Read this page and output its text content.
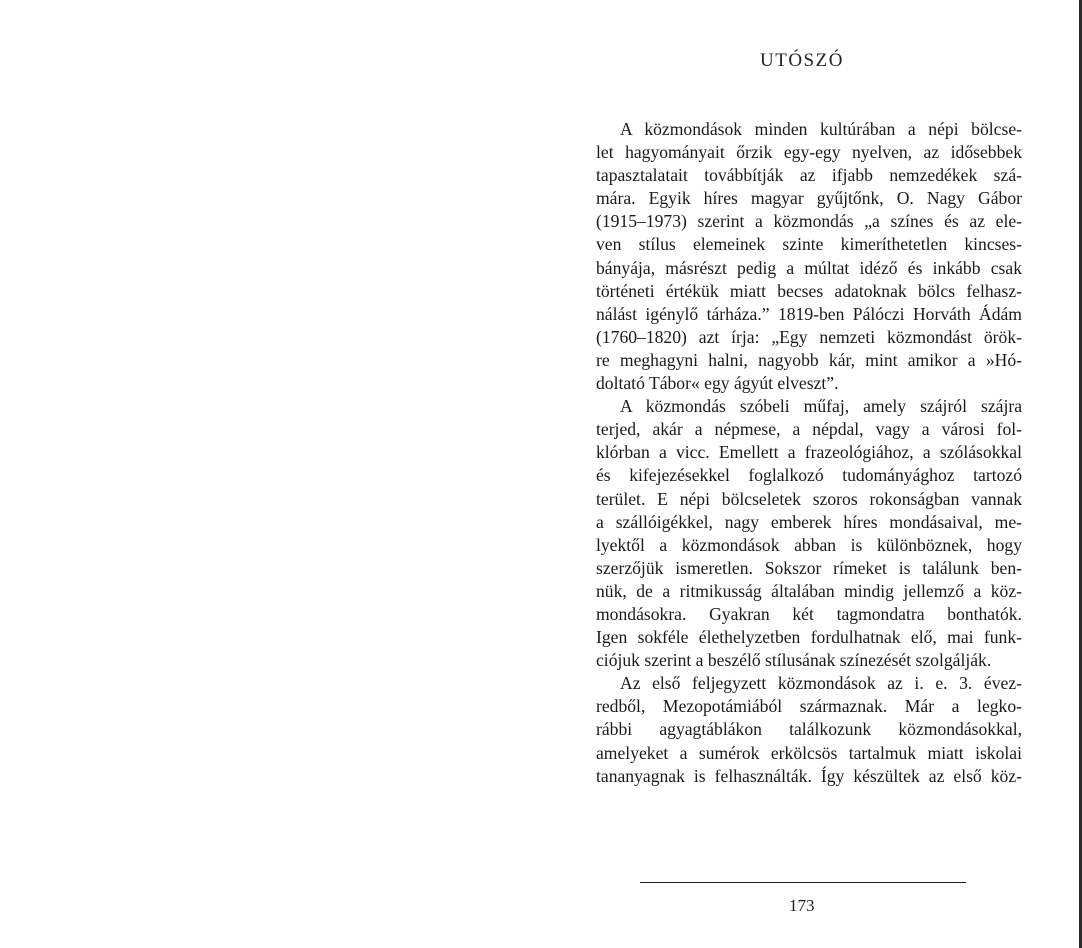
UTÓSZÓ
A közmondások minden kultúrában a népi bölcse-
let hagyományait őrzik egy-egy nyelven, az idősebbek
tapasztalatait továbbítják az ifjabb nemzedékek szá-
mára. Egyik híres magyar gyűjtőnk, O. Nagy Gábor
(1915–1973) szerint a közmondás „a színes és az ele-
ven stílus elemeinek szinte kimeríthetetlen kincses-
bányája, másrészt pedig a múltat idéző és inkább csak
történeti értékük miatt becses adatoknak bölcs felhasz-
nálást igénylő tárháza.” 1819-ben Pálóczi Horváth Ádám
(1760–1820) azt írja: „Egy nemzeti közmondást örök-
re meghagyni halni, nagyobb kár, mint amikor a »Hó-
doltató Tábor« egy ágyút elveszt”.
A közmondás szóbeli műfaj, amely szájról szájra
terjed, akár a népmese, a népdal, vagy a városi fol-
klórban a vicc. Emellett a frazeológiához, a szólásokkal
és kifejezésekkel foglalkozó tudományághoz tartozó
terület. E népi bölcseletek szoros rokonságban vannak
a szállóigékkel, nagy emberek híres mondásaival, me-
lyektől a közmondások abban is különböznek, hogy
szerzőjük ismeretlen. Sokszor rímeket is találunk ben-
nük, de a ritmikusság általában mindig jellemző a köz-
mondásokra. Gyakran két tagmondatra bonthatók.
Igen sokféle élethelyzetben fordulhatnak elő, mai funk-
ciójuk szerint a beszélő stílusának színezését szolgálják.
Az első feljegyzett közmondások az i. e. 3. évez-
redből, Mezopotámiából származnak. Már a legko-
rábbi agyagtáblákon találkozunk közmondásokkal,
amelyeket a sumérok erkölcsös tartalmuk miatt iskolai
tananyagnak is felhasználták. Így készültek az első köz-
173
